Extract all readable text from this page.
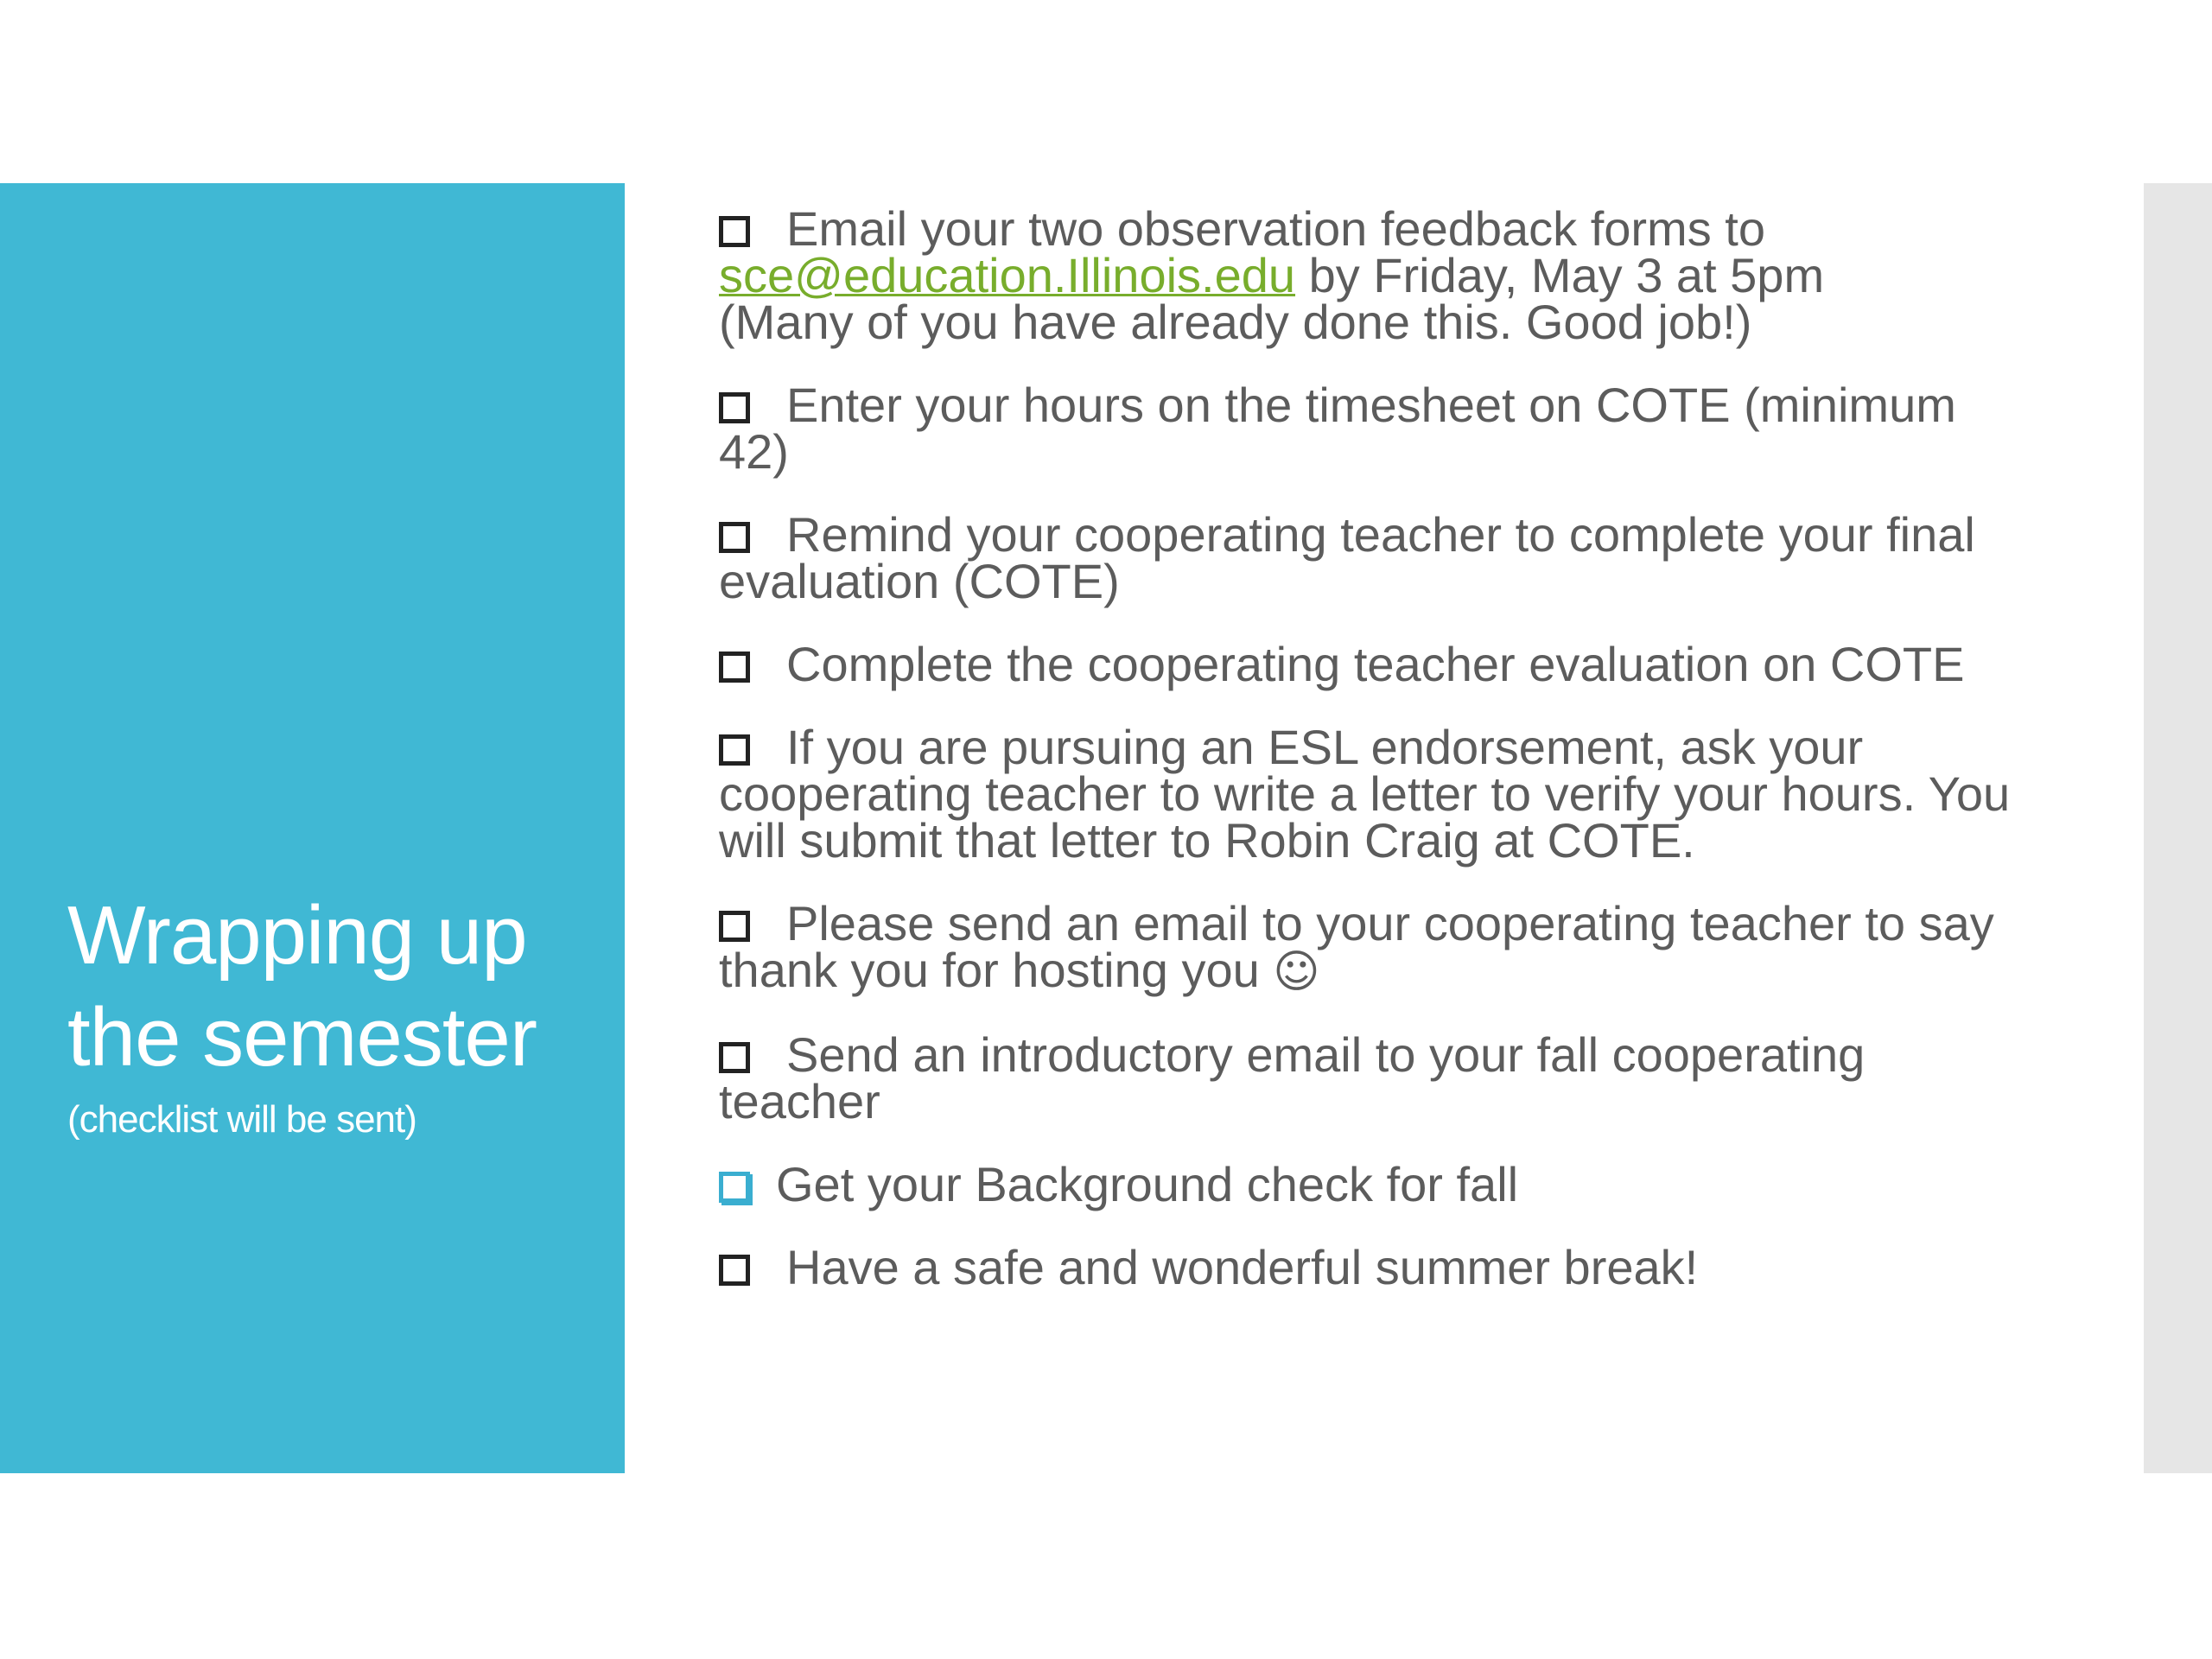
Wrapping up
the semester
(checklist will be sent)
Email your two observation feedback forms to
sce@education.Illinois.edu by Friday, May 3 at 5pm
(Many of you have already done this. Good job!)
Enter your hours on the timesheet on COTE (minimum 42)
Remind your cooperating teacher to complete your final evaluation (COTE)
Complete the cooperating teacher evaluation on COTE
If you are pursuing an ESL endorsement, ask your cooperating teacher to write a letter to verify your hours. You will submit that letter to Robin Craig at COTE.
Please send an email to your cooperating teacher to say thank you for hosting you ☺
Send an introductory email to your fall cooperating teacher
Get your Background check for fall
Have a safe and wonderful summer break!
